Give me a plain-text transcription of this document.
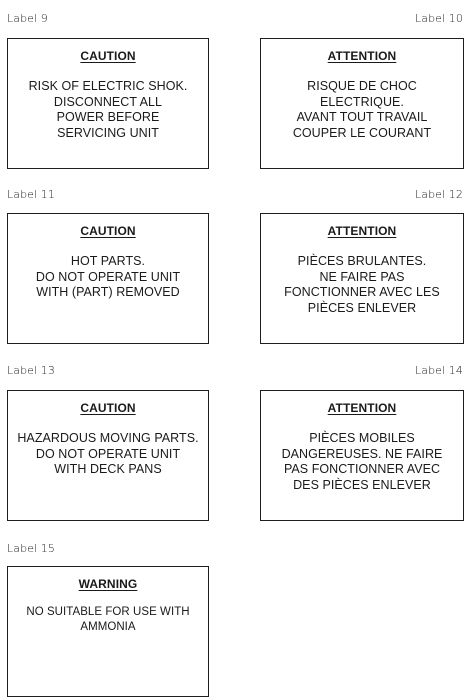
Label 9	Label 10
CAUTION
RISK OF ELECTRIC SHOK.
DISCONNECT ALL
POWER BEFORE
SERVICING UNIT
ATTENTION
RISQUE DE CHOC
ELECTRIQUE.
AVANT TOUT TRAVAIL
COUPER LE COURANT
Label 11	Label 12
CAUTION
HOT PARTS.
DO NOT OPERATE UNIT
WITH (PART) REMOVED
ATTENTION
PIÈCES BRULANTES.
NE FAIRE PAS
FONCTIONNER AVEC LES
PIÈCES ENLEVER
Label 13	Label 14
CAUTION
HAZARDOUS MOVING PARTS.
DO NOT OPERATE UNIT
WITH DECK PANS
ATTENTION
PIÈCES MOBILES
DANGEREUSES. NE FAIRE
PAS FONCTIONNER AVEC
DES PIÈCES ENLEVER
Label 15
WARNING
NO SUITABLE FOR USE WITH
AMMONIA
